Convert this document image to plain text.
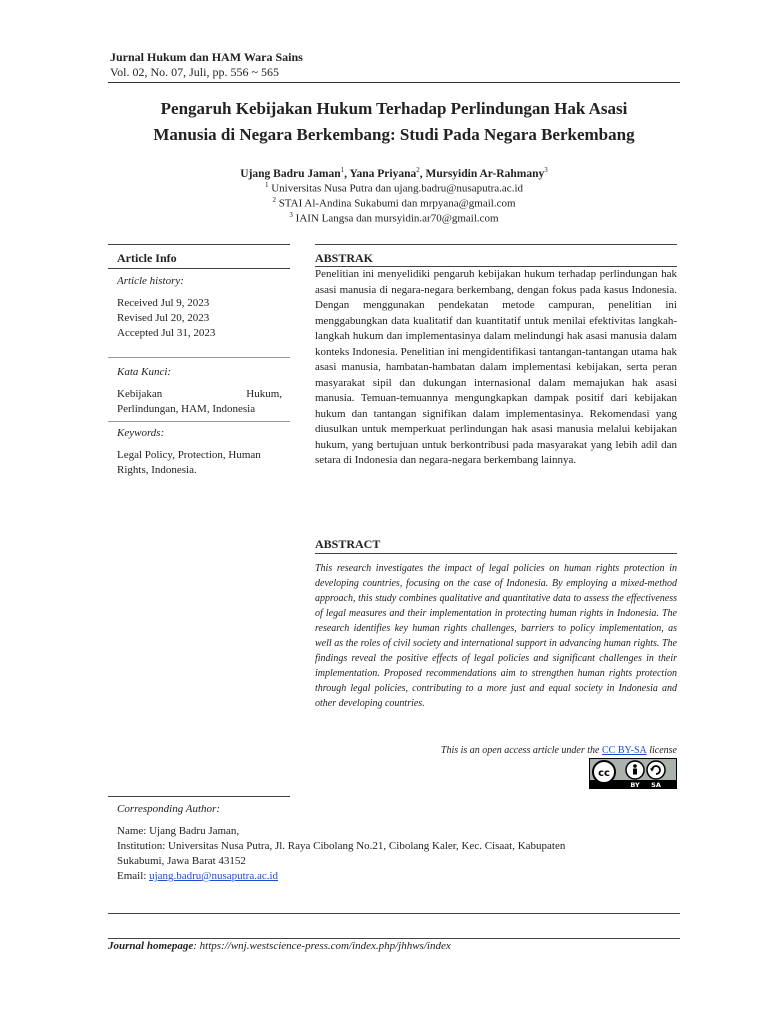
Jurnal Hukum dan HAM Wara Sains
Vol. 02, No. 07, Juli, pp. 556 ~ 565
Pengaruh Kebijakan Hukum Terhadap Perlindungan Hak Asasi
Manusia di Negara Berkembang: Studi Pada Negara Berkembang
Ujang Badru Jaman$^1$, Yana Priyana$^2$, Mursyidin Ar-Rahmany$^3$
$^1$ Universitas Nusa Putra dan ujang.badru@nusaputra.ac.id
$^2$ STAI Al-Andina Sukabumi dan mrpyana@gmail.com
$^3$ IAIN Langsa dan mursyidin.ar70@gmail.com
Article Info
Article history:
Received Jul 9, 2023
Revised Jul 20, 2023
Accepted Jul 31, 2023
Kata Kunci:
Kebijakan Hukum,
Perlindungan, HAM, Indonesia
Keywords:
Legal Policy, Protection, Human
Rights, Indonesia.
ABSTRAK
Penelitian ini menyelidiki pengaruh kebijakan hukum terhadap perlindungan hak asasi manusia di negara-negara berkembang, dengan fokus pada kasus Indonesia. Dengan menggunakan pendekatan metode campuran, penelitian ini menggabungkan data kualitatif dan kuantitatif untuk menilai efektivitas langkah-langkah hukum dan implementasinya dalam melindungi hak asasi manusia dalam konteks Indonesia. Penelitian ini mengidentifikasi tantangan-tantangan utama hak asasi manusia, hambatan-hambatan dalam implementasi kebijakan, serta peran masyarakat sipil dan dukungan internasional dalam memajukan hak asasi manusia. Temuan-temuannya mengungkapkan dampak positif dari kebijakan hukum dan tantangan signifikan dalam implementasinya. Rekomendasi yang diusulkan untuk memperkuat perlindungan hak asasi manusia melalui kebijakan hukum, yang bertujuan untuk berkontribusi pada masyarakat yang lebih adil dan setara di Indonesia dan negara-negara berkembang lainnya.
ABSTRACT
This research investigates the impact of legal policies on human rights protection in developing countries, focusing on the case of Indonesia. By employing a mixed-method approach, this study combines qualitative and quantitative data to assess the effectiveness of legal measures and their implementation in protecting human rights in Indonesia. The research identifies key human rights challenges, barriers to policy implementation, as well as the roles of civil society and international support in advancing human rights. The findings reveal the positive effects of legal policies and significant challenges in their implementation. Proposed recommendations aim to strengthen human rights protection through legal policies, contributing to a more just and equal society in Indonesia and other developing countries.
This is an open access article under the CC BY-SA license
cc
BY SA
Corresponding Author:
Name: Ujang Badru Jaman,
Institution: Universitas Nusa Putra, Jl. Raya Cibolang No.21, Cibolang Kaler, Kec. Cisaat, Kabupaten
Sukabumi, Jawa Barat 43152
Email: ujang.badru@nusaputra.ac.id
Journal homepage: https://wnj.westscience-press.com/index.php/jhhws/index
